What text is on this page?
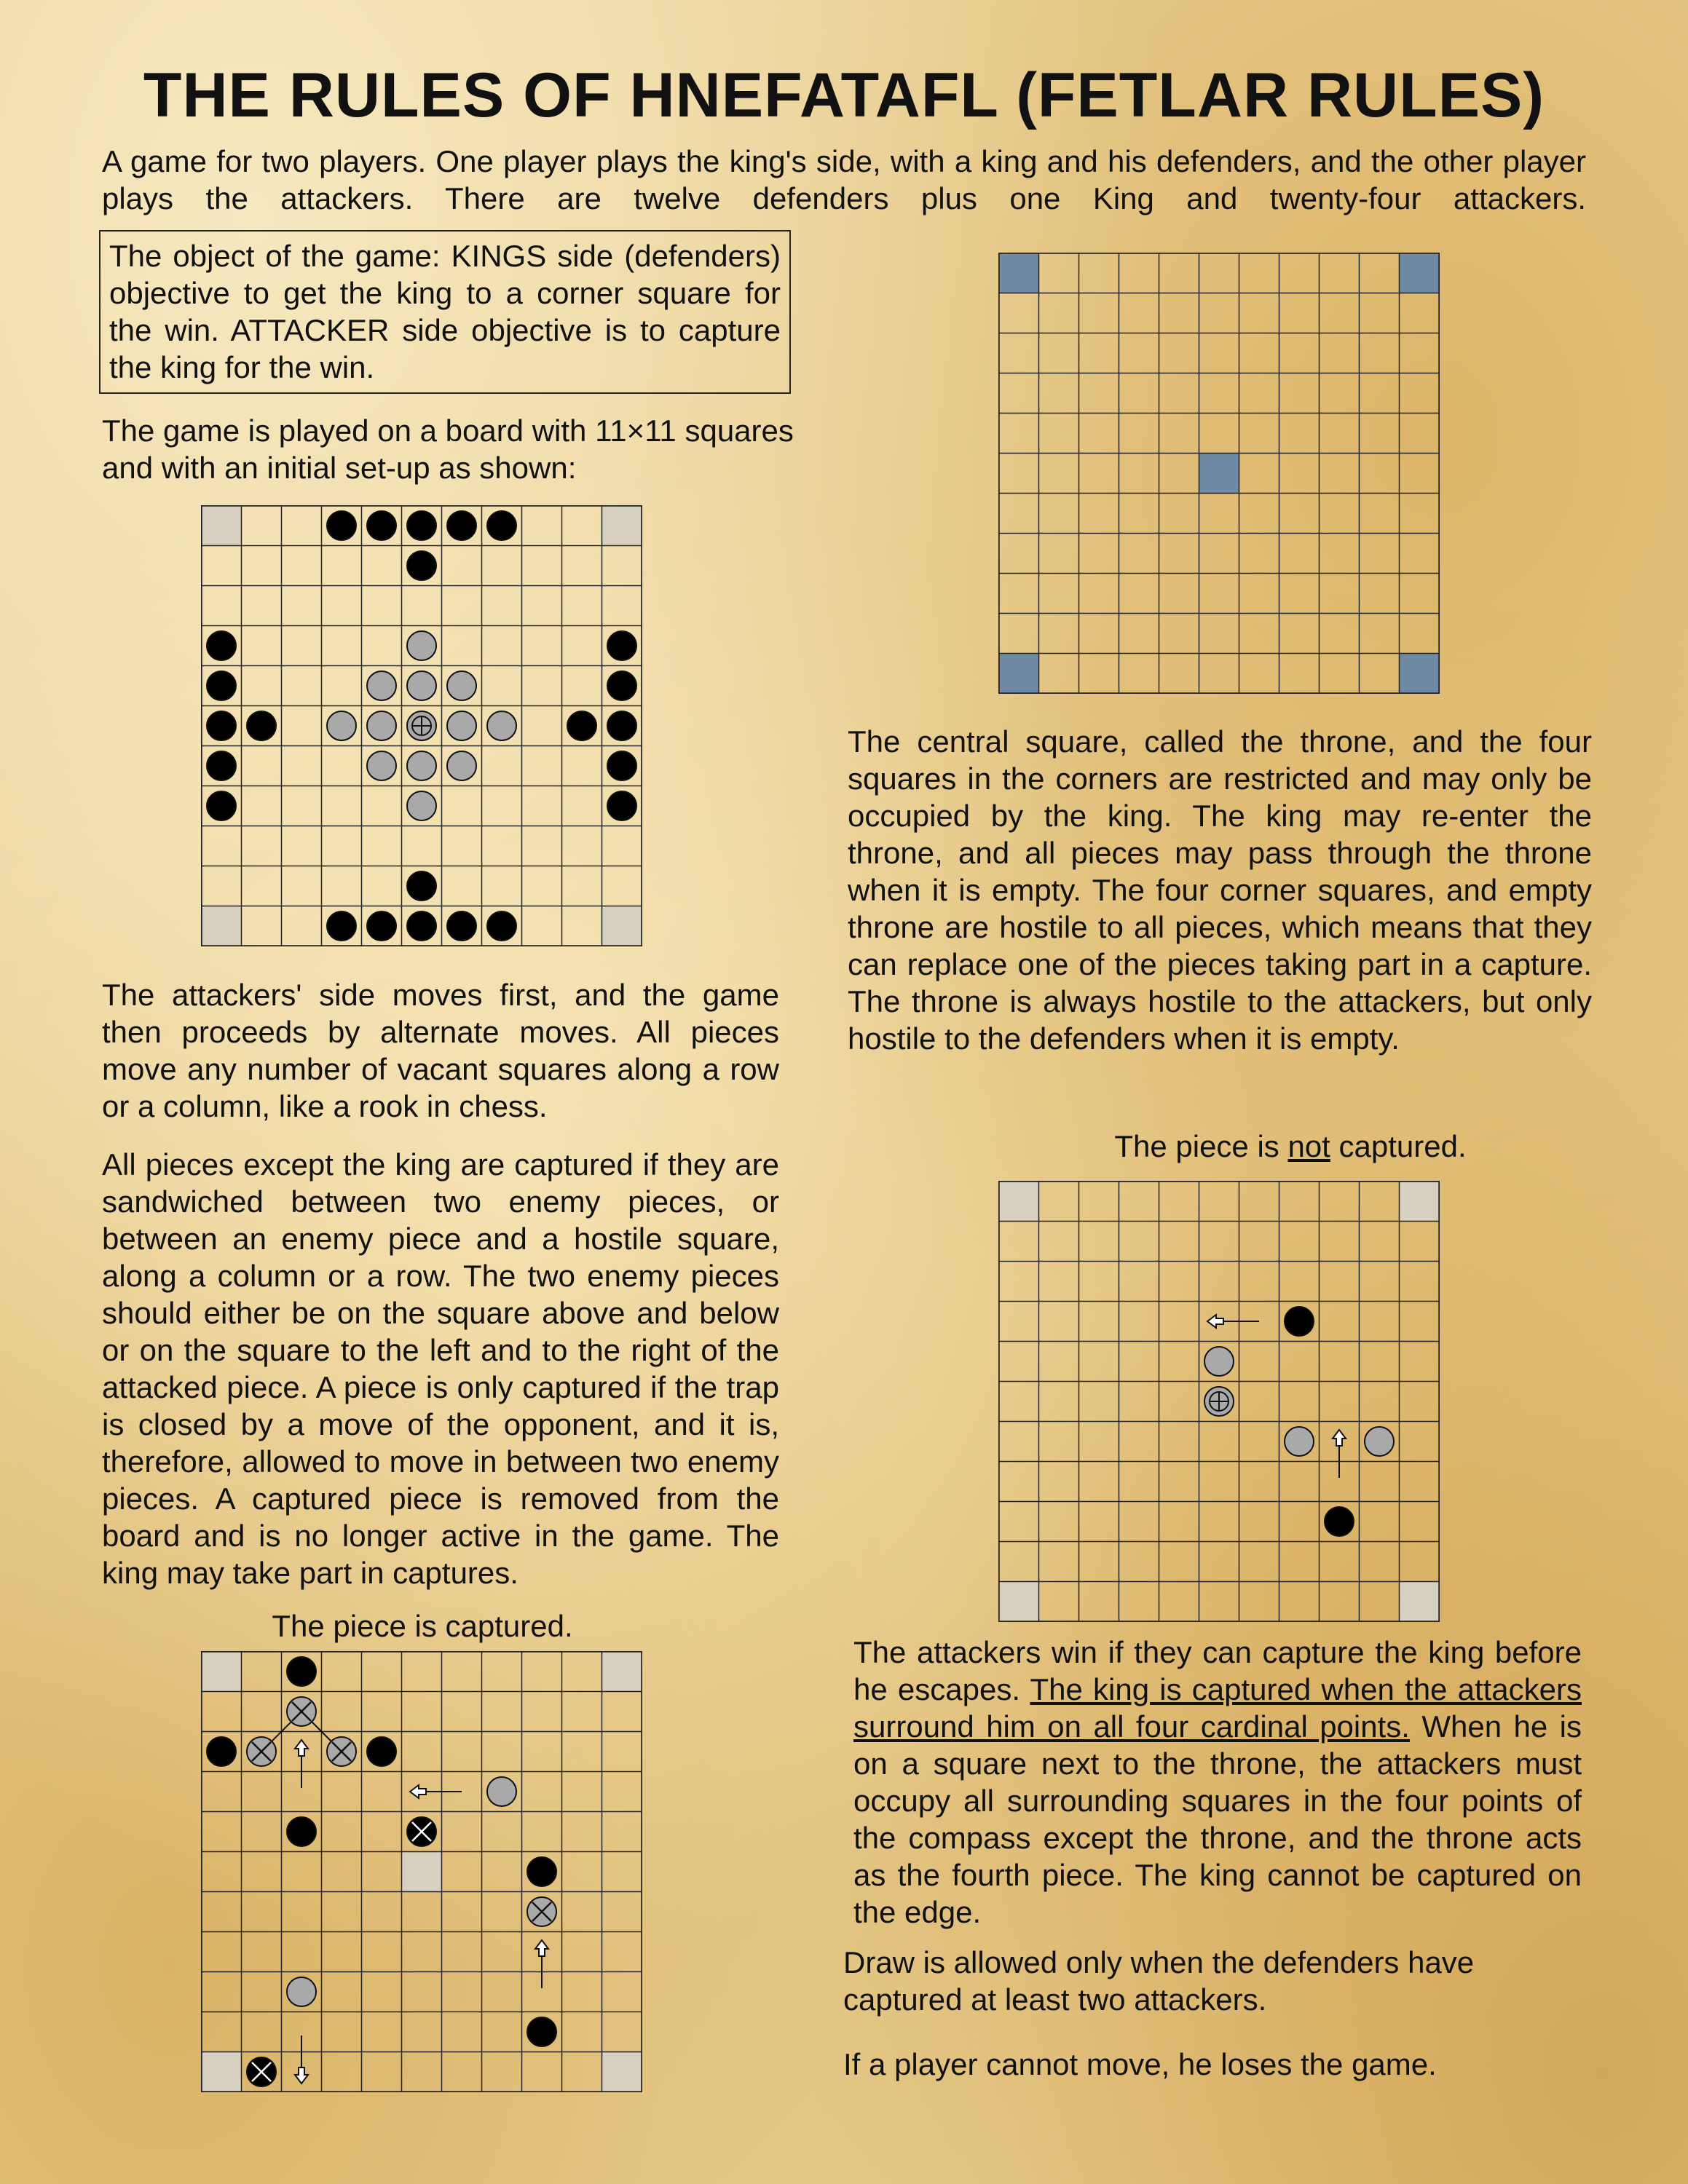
THE RULES OF HNEFATAFL (FETLAR RULES)
A game for two players. One player plays the king's side, with a king and his defenders, and the other player plays the attackers. There are twelve defenders plus one King and twenty-four attackers.
The object of the game: KINGS side (defenders) objective to get the king to a corner square for the win. ATTACKER side objective is to capture the king for the win.
The game is played on a board with 11×11 squares and with an initial set-up as shown:
The attackers' side moves first, and the game then proceeds by alternate moves. All pieces move any number of vacant squares along a row or a column, like a rook in chess.
All pieces except the king are captured if they are sandwiched between two enemy pieces, or between an enemy piece and a hostile square, along a column or a row. The two enemy pieces should either be on the square above and below or on the square to the left and to the right of the attacked piece. A piece is only captured if the trap is closed by a move of the opponent, and it is, therefore, allowed to move in between two enemy pieces. A captured piece is removed from the board and is no longer active in the game. The king may take part in captures.
The piece is captured.
The central square, called the throne, and the four squares in the corners are restricted and may only be occupied by the king. The king may re-enter the throne, and all pieces may pass through the throne when it is empty. The four corner squares, and empty throne are hostile to all pieces, which means that they can replace one of the pieces taking part in a capture. The throne is always hostile to the attackers, but only hostile to the defenders when it is empty.
The piece is not captured.
The attackers win if they can capture the king before he escapes. The king is captured when the attackers surround him on all four cardinal points. When he is on a square next to the throne, the attackers must occupy all surrounding squares in the four points of the compass except the throne, and the throne acts as the fourth piece. The king cannot be captured on the edge.
Draw is allowed only when the defenders have captured at least two attackers.
If a player cannot move, he loses the game.
